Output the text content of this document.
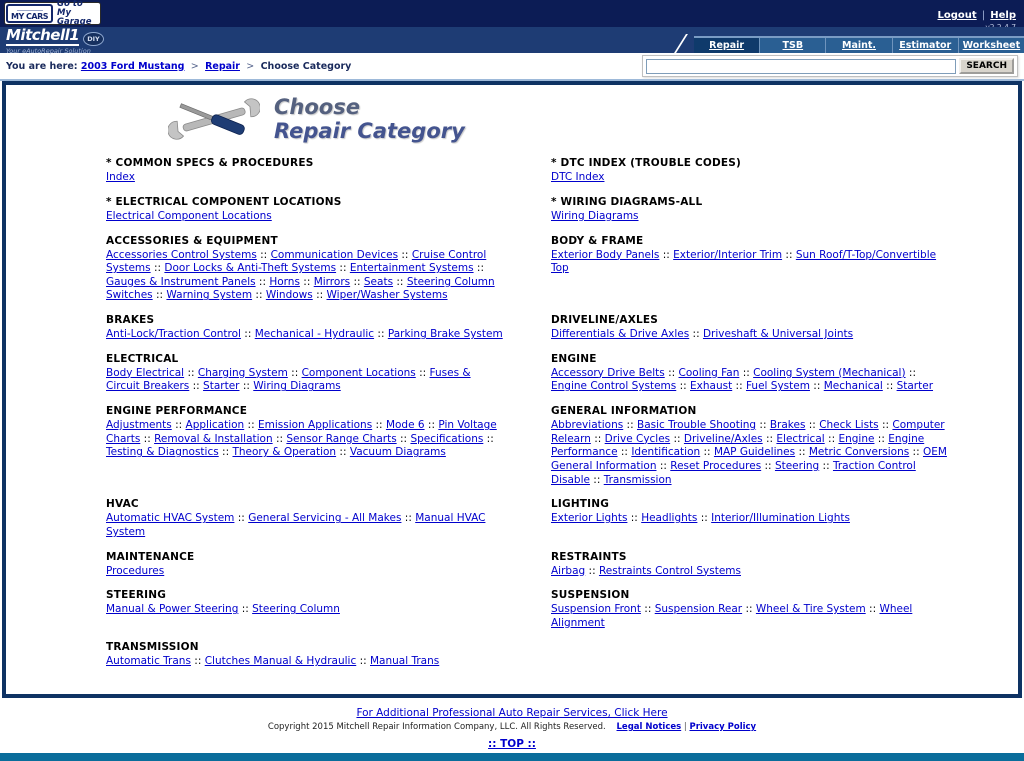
MY CARS
Go to My Garage
Logout | Help
Mitchell1	DIY
Your eAutoRepair Solution	Repair	TSB	Maint.	Estimator	Worksheet
You are here: 2003 Ford Mustang > Repair > Choose Category	SEARCH
Choose
Repair Category
* COMMON SPECS & PROCEDURES
Index
* DTC INDEX (TROUBLE CODES)
DTC Index
* ELECTRICAL COMPONENT LOCATIONS
Electrical Component Locations
* WIRING DIAGRAMS-ALL
Wiring Diagrams
ACCESSORIES & EQUIPMENT
Accessories Control Systems :: Communication Devices :: Cruise Control Systems :: Door Locks & Anti-Theft Systems :: Entertainment Systems :: Gauges & Instrument Panels :: Horns :: Mirrors :: Seats :: Steering Column Switches :: Warning System :: Windows :: Wiper/Washer Systems
BODY & FRAME
Exterior Body Panels :: Exterior/Interior Trim :: Sun Roof/T-Top/Convertible Top
BRAKES
Anti-Lock/Traction Control :: Mechanical - Hydraulic :: Parking Brake System
DRIVELINE/AXLES
Differentials & Drive Axles :: Driveshaft & Universal Joints
ELECTRICAL
Body Electrical :: Charging System :: Component Locations :: Fuses & Circuit Breakers :: Starter :: Wiring Diagrams
ENGINE
Accessory Drive Belts :: Cooling Fan :: Cooling System (Mechanical) :: Engine Control Systems :: Exhaust :: Fuel System :: Mechanical :: Starter
ENGINE PERFORMANCE
Adjustments :: Application :: Emission Applications :: Mode 6 :: Pin Voltage Charts :: Removal & Installation :: Sensor Range Charts :: Specifications :: Testing & Diagnostics :: Theory & Operation :: Vacuum Diagrams
GENERAL INFORMATION
Abbreviations :: Basic Trouble Shooting :: Brakes :: Check Lists :: Computer Relearn :: Drive Cycles :: Driveline/Axles :: Electrical :: Engine :: Engine Performance :: Identification :: MAP Guidelines :: Metric Conversions :: OEM General Information :: Reset Procedures :: Steering :: Traction Control Disable :: Transmission
HVAC
Automatic HVAC System :: General Servicing - All Makes :: Manual HVAC System
LIGHTING
Exterior Lights :: Headlights :: Interior/Illumination Lights
MAINTENANCE
Procedures
RESTRAINTS
Airbag :: Restraints Control Systems
STEERING
Manual & Power Steering :: Steering Column
SUSPENSION
Suspension Front :: Suspension Rear :: Wheel & Tire System :: Wheel Alignment
TRANSMISSION
Automatic Trans :: Clutches Manual & Hydraulic :: Manual Trans
For Additional Professional Auto Repair Services, Click Here
Copyright 2015 Mitchell Repair Information Company, LLC. All Rights Reserved. Legal Notices | Privacy Policy
:: TOP ::
